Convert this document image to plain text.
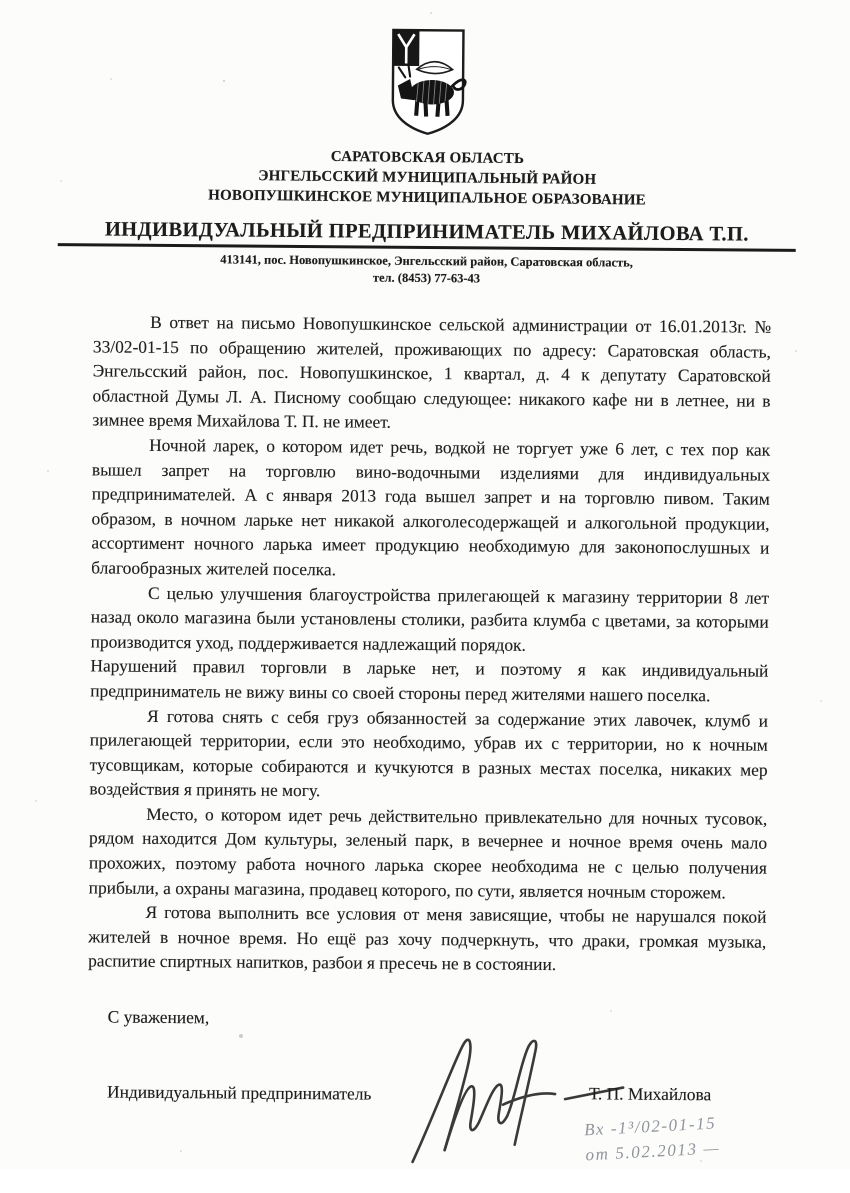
САРАТОВСКАЯ ОБЛАСТЬ
ЭНГЕЛЬССКИЙ МУНИЦИПАЛЬНЫЙ РАЙОН
НОВОПУШКИНСКОЕ МУНИЦИПАЛЬНОЕ ОБРАЗОВАНИЕ
ИНДИВИДУАЛЬНЫЙ ПРЕДПРИНИМАТЕЛЬ МИХАЙЛОВА Т.П.
413141, пос. Новопушкинское, Энгельсский район, Саратовская область,
тел. (8453) 77-63-43

В ответ на письмо Новопушкинское сельской администрации от 16.01.2013г. № 33/02-01-15 по обращению жителей, проживающих по адресу: Саратовская область, Энгельсский район, пос. Новопушкинское, 1 квартал, д. 4 к депутату Саратовской областной Думы Л. А. Писному сообщаю следующее: никакого кафе ни в летнее, ни в зимнее время Михайлова Т. П. не имеет.

Ночной ларек, о котором идет речь, водкой не торгует уже 6 лет, с тех пор как вышел запрет на торговлю вино-водочными изделиями для индивидуальных предпринимателей. А с января 2013 года вышел запрет и на торговлю пивом. Таким образом, в ночном ларьке нет никакой алкоголесодержащей и алкогольной продукции, ассортимент ночного ларька имеет продукцию необходимую для законопослушных и благообразных жителей поселка.

С целью улучшения благоустройства прилегающей к магазину территории 8 лет назад около магазина были установлены столики, разбита клумба с цветами, за которыми производится уход, поддерживается надлежащий порядок.

Нарушений правил торговли в ларьке нет, и поэтому я как индивидуальный предприниматель не вижу вины со своей стороны перед жителями нашего поселка.

Я готова снять с себя груз обязанностей за содержание этих лавочек, клумб и прилегающей территории, если это необходимо, убрав их с территории, но к ночным тусовщикам, которые собираются и кучкуются в разных местах поселка, никаких мер воздействия я принять не могу.

Место, о котором идет речь действительно привлекательно для ночных тусовок, рядом находится Дом культуры, зеленый парк, в вечернее и ночное время очень мало прохожих, поэтому работа ночного ларька скорее необходима не с целью получения прибыли, а охраны магазина, продавец которого, по сути, является ночным сторожем.

Я готова выполнить все условия от меня зависящие, чтобы не нарушался покой жителей в ночное время. Но ещё раз хочу подчеркнуть, что драки, громкая музыка, распитие спиртных напитков, разбои я пресечь не в состоянии.

С уважением,
Индивидуальный предприниматель	Т. П. Михайлова
Вх -1³/02-01-15
от 5.02.2013 —
